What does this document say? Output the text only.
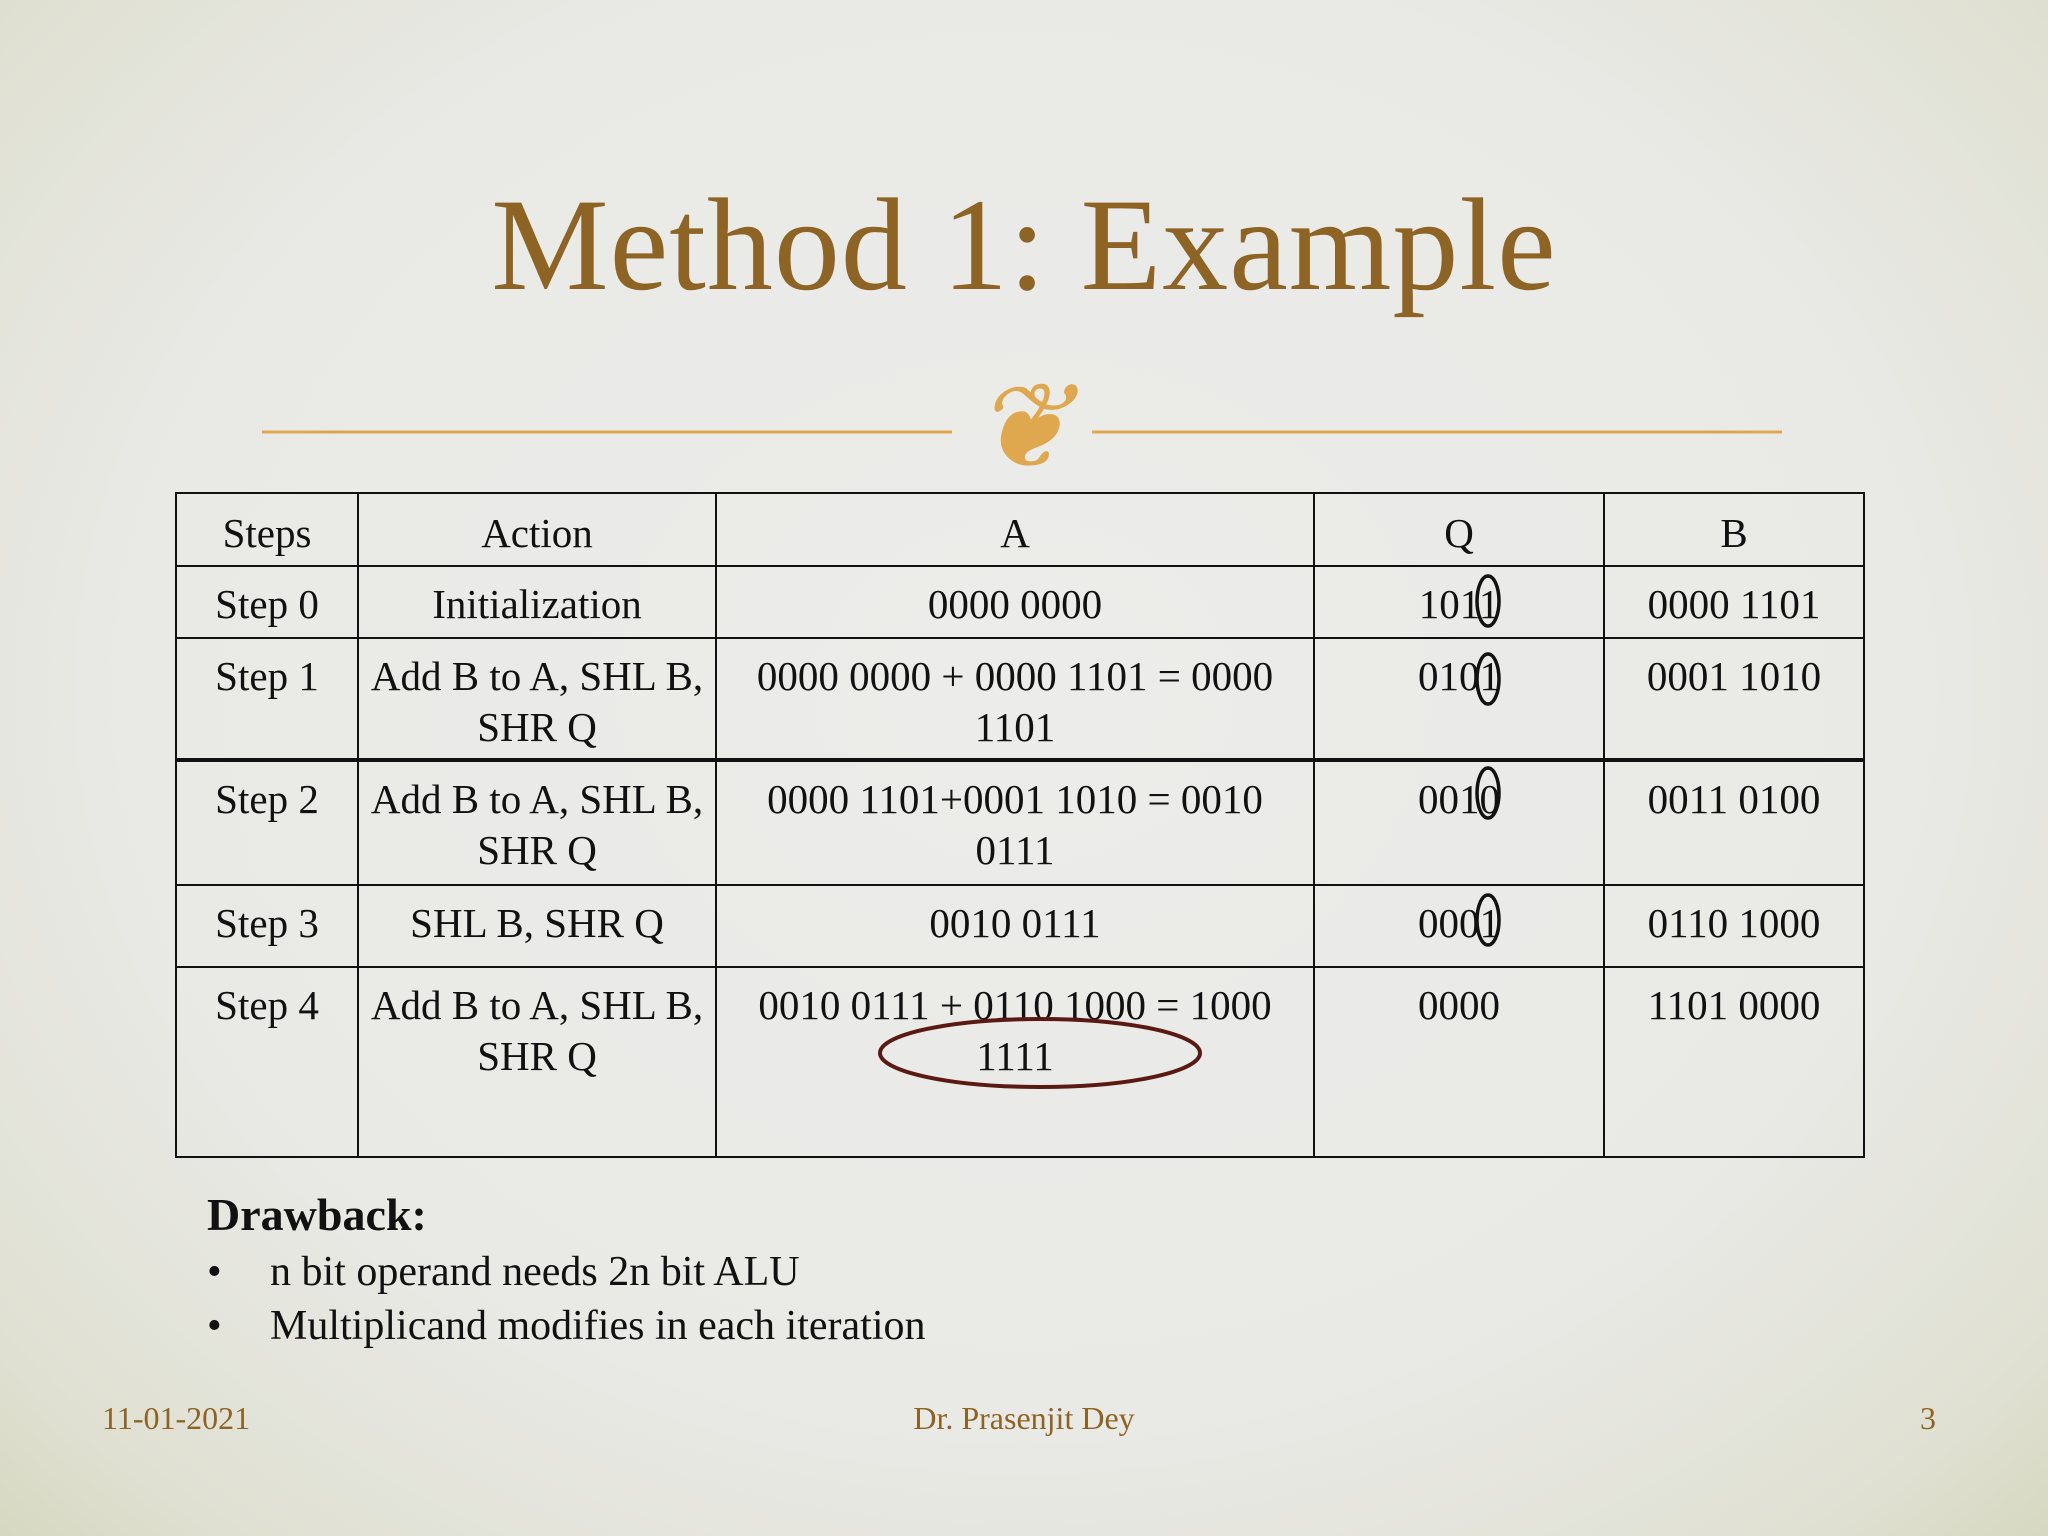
Method 1: Example
❦
Steps	Action	A	Q	B
Step 0	Initialization	0000 0000	1011	0000 1101
Step 1	Add B to A, SHL B, SHR Q	0000 0000 + 0000 1101 = 0000 1101	0101	0001 1010
Step 2	Add B to A, SHL B, SHR Q	0000 1101+0001 1010 = 0010 0111	0010	0011 0100
Step 3	SHL B, SHR Q	0010 0111	0001	0110 1000
Step 4	Add B to A, SHL B, SHR Q	0010 0111 + 0110 1000 = 1000 1111	0000	1101 0000
Drawback:
• n bit operand needs 2n bit ALU
• Multiplicand modifies in each iteration
11-01-2021	Dr. Prasenjit Dey	3
